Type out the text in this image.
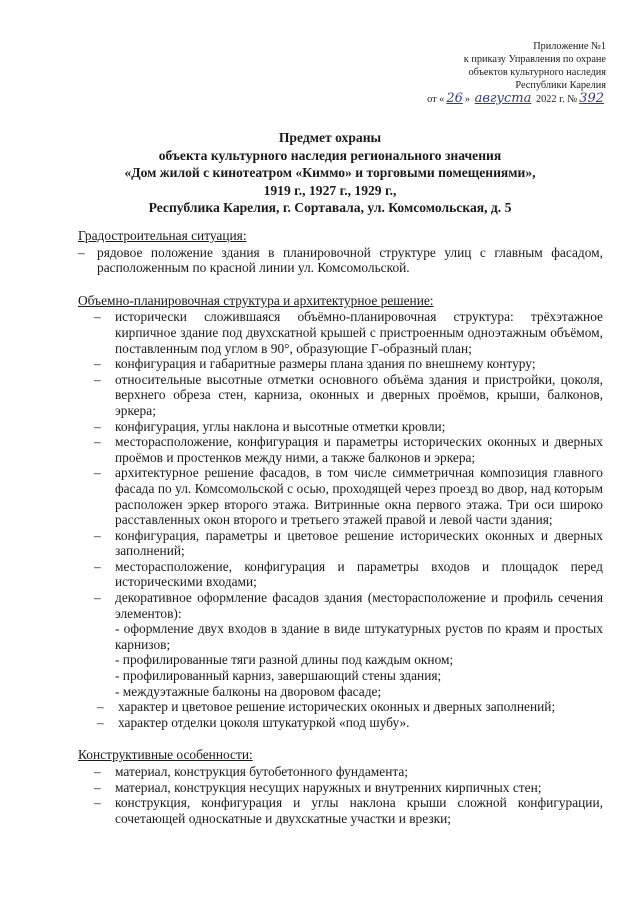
Приложение №1
к приказу Управления по охране
объектов культурного наследия
Республики Карелия
от « 26 » августа 2022 г. № 392
Предмет охраны
объекта культурного наследия регионального значения
«Дом жилой с кинотеатром «Киммо» и торговыми помещениями»,
1919 г., 1927 г., 1929 г.,
Республика Карелия, г. Сортавала, ул. Комсомольская, д. 5
Градостроительная ситуация:
– рядовое положение здания в планировочной структуре улиц с главным фасадом, расположенным по красной линии ул. Комсомольской.
Объемно-планировочная структура и архитектурное решение:
– исторически сложившаяся объёмно-планировочная структура: трёхэтажное кирпичное здание под двухскатной крышей с пристроенным одноэтажным объёмом, поставленным под углом в 90°, образующие Г-образный план;
– конфигурация и габаритные размеры плана здания по внешнему контуру;
– относительные высотные отметки основного объёма здания и пристройки, цоколя, верхнего обреза стен, карниза, оконных и дверных проёмов, крыши, балконов, эркера;
– конфигурация, углы наклона и высотные отметки кровли;
– месторасположение, конфигурация и параметры исторических оконных и дверных проёмов и простенков между ними, а также балконов и эркера;
– архитектурное решение фасадов, в том числе симметричная композиция главного фасада по ул. Комсомольской с осью, проходящей через проезд во двор, над которым расположен эркер второго этажа. Витринные окна первого этажа. Три оси широко расставленных окон второго и третьего этажей правой и левой части здания;
– конфигурация, параметры и цветовое решение исторических оконных и дверных заполнений;
– месторасположение, конфигурация и параметры входов и площадок перед историческими входами;
– декоративное оформление фасадов здания (месторасположение и профиль сечения элементов):
- оформление двух входов в здание в виде штукатурных рустов по краям и простых карнизов;
- профилированные тяги разной длины под каждым окном;
- профилированный карниз, завершающий стены здания;
- междуэтажные балконы на дворовом фасаде;
– характер и цветовое решение исторических оконных и дверных заполнений;
– характер отделки цоколя штукатуркой «под шубу».
Конструктивные особенности:
– материал, конструкция бутобетонного фундамента;
– материал, конструкция несущих наружных и внутренних кирпичных стен;
– конструкция, конфигурация и углы наклона крыши сложной конфигурации, сочетающей односкатные и двухскатные участки и врезки;
